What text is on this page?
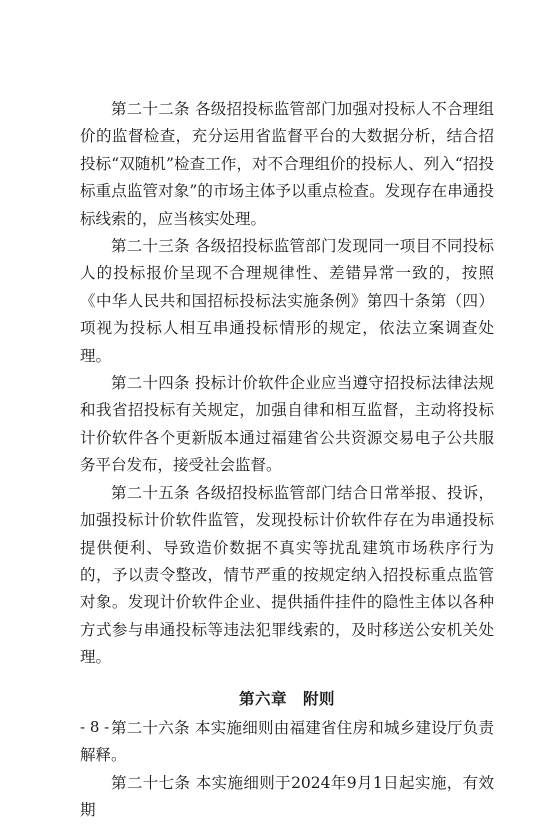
第二十二条 各级招投标监管部门加强对投标人不合理组价的监督检查，充分运用省监督平台的大数据分析，结合招投标“双随机”检查工作，对不合理组价的投标人、列入“招投标重点监管对象”的市场主体予以重点检查。发现存在串通投标线索的，应当核实处理。

第二十三条 各级招投标监管部门发现同一项目不同投标人的投标报价呈现不合理规律性、差错异常一致的，按照《中华人民共和国招标投标法实施条例》第四十条第（四）项视为投标人相互串通投标情形的规定，依法立案调查处理。

第二十四条 投标计价软件企业应当遵守招投标法律法规和我省招投标有关规定，加强自律和相互监督，主动将投标计价软件各个更新版本通过福建省公共资源交易电子公共服务平台发布，接受社会监督。

第二十五条 各级招投标监管部门结合日常举报、投诉，加强投标计价软件监管，发现投标计价软件存在为串通投标提供便利、导致造价数据不真实等扰乱建筑市场秩序行为的，予以责令整改，情节严重的按规定纳入招投标重点监管对象。发现计价软件企业、提供插件挂件的隐性主体以各种方式参与串通投标等违法犯罪线索的，及时移送公安机关处理。

第六章 附则

第二十六条 本实施细则由福建省住房和城乡建设厅负责解释。

第二十七条 本实施细则于2024年9月1日起实施，有效期

- 8 -
